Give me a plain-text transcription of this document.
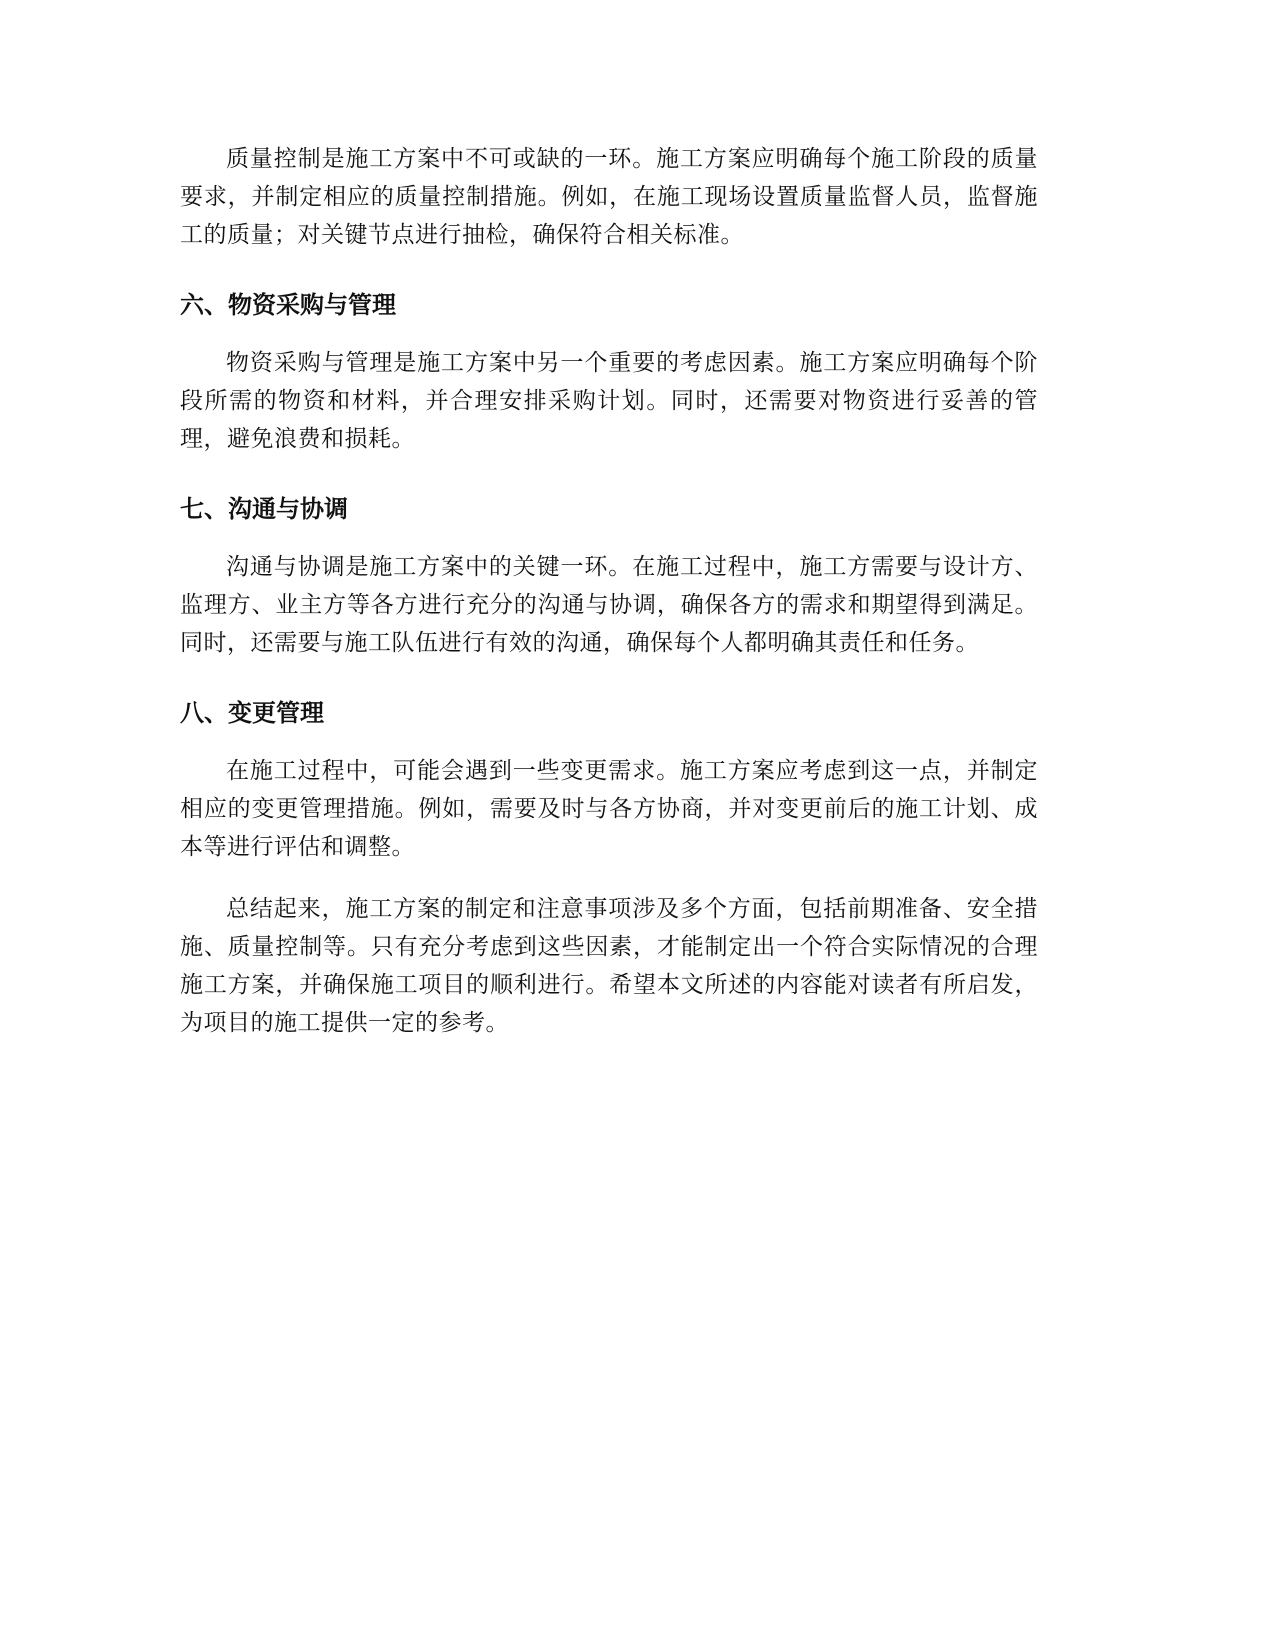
质量控制是施工方案中不可或缺的一环。施工方案应明确每个施工阶段的质量要求，并制定相应的质量控制措施。例如，在施工现场设置质量监督人员，监督施工的质量；对关键节点进行抽检，确保符合相关标准。

六、物资采购与管理

物资采购与管理是施工方案中另一个重要的考虑因素。施工方案应明确每个阶段所需的物资和材料，并合理安排采购计划。同时，还需要对物资进行妥善的管理，避免浪费和损耗。

七、沟通与协调

沟通与协调是施工方案中的关键一环。在施工过程中，施工方需要与设计方、监理方、业主方等各方进行充分的沟通与协调，确保各方的需求和期望得到满足。同时，还需要与施工队伍进行有效的沟通，确保每个人都明确其责任和任务。

八、变更管理

在施工过程中，可能会遇到一些变更需求。施工方案应考虑到这一点，并制定相应的变更管理措施。例如，需要及时与各方协商，并对变更前后的施工计划、成本等进行评估和调整。

总结起来，施工方案的制定和注意事项涉及多个方面，包括前期准备、安全措施、质量控制等。只有充分考虑到这些因素，才能制定出一个符合实际情况的合理施工方案，并确保施工项目的顺利进行。希望本文所述的内容能对读者有所启发，为项目的施工提供一定的参考。
